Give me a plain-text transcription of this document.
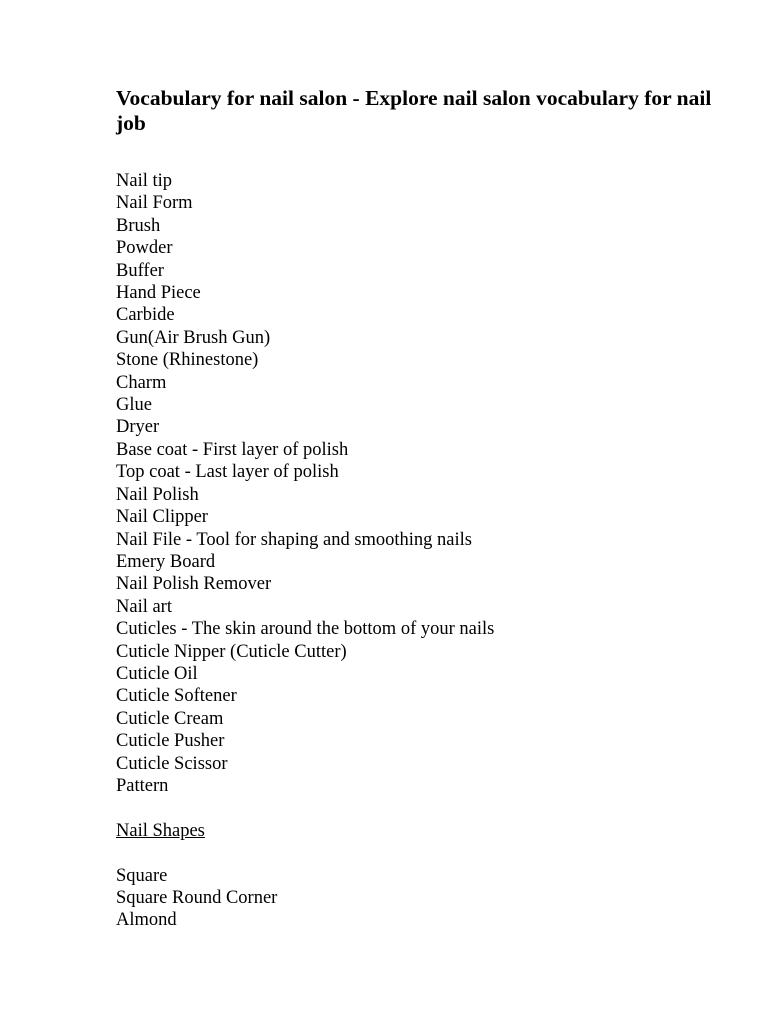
Vocabulary for nail salon - Explore nail salon vocabulary for nail job
Nail tip
Nail Form
Brush
Powder
Buffer
Hand Piece
Carbide
Gun(Air Brush Gun)
Stone (Rhinestone)
Charm
Glue
Dryer
Base coat - First layer of polish
Top coat - Last layer of polish
Nail Polish
Nail Clipper
Nail File - Tool for shaping and smoothing nails
Emery Board
Nail Polish Remover
Nail art
Cuticles - The skin around the bottom of your nails
Cuticle Nipper (Cuticle Cutter)
Cuticle Oil
Cuticle Softener
Cuticle Cream
Cuticle Pusher
Cuticle Scissor
Pattern
Nail Shapes
Square
Square Round Corner
Almond
